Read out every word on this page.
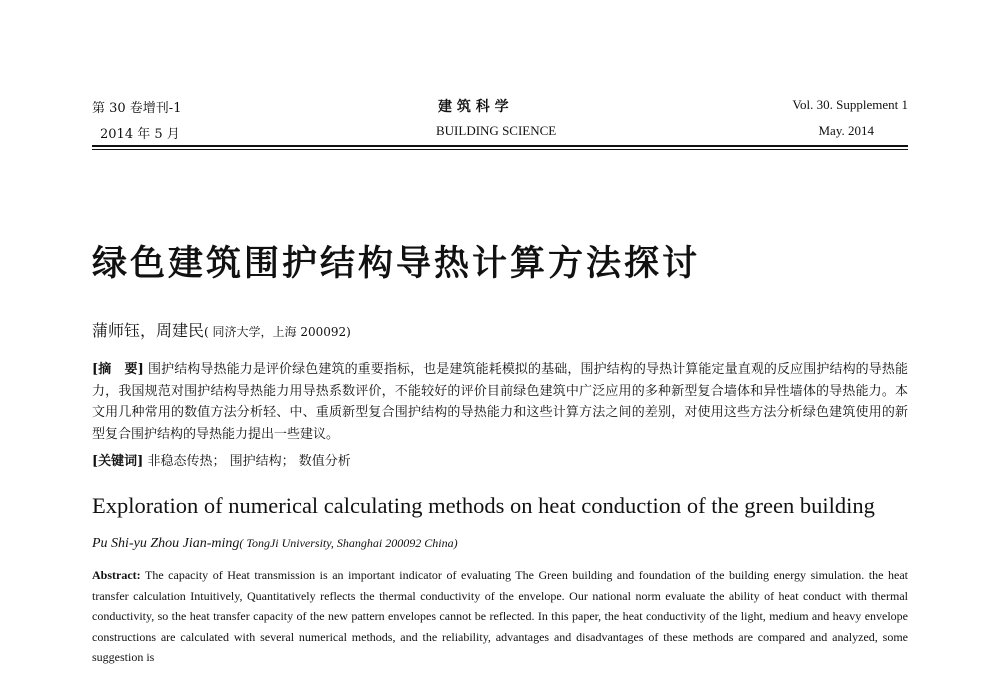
第 30 卷增刊-1
2014 年 5 月
建 筑 科 学
BUILDING SCIENCE
Vol. 30. Supplement 1
May. 2014
绿色建筑围护结构导热计算方法探讨
蒲师钰，周建民( 同济大学，上海 200092)

[摘　要] 围护结构导热能力是评价绿色建筑的重要指标，也是建筑能耗模拟的基础，围护结构的导热计算能定量直观的反应围护结构的导热能力，我国规范对围护结构导热能力用导热系数评价，不能较好的评价目前绿色建筑中广泛应用的多种新型复合墙体和异性墙体的导热能力。本文用几种常用的数值方法分析轻、中、重质新型复合围护结构的导热能力和这些计算方法之间的差别，对使用这些方法分析绿色建筑使用的新型复合围护结构的导热能力提出一些建议。

[关键词] 非稳态传热； 围护结构； 数值分析
Exploration of numerical calculating methods on heat conduction of the green building
Pu Shi-yu Zhou Jian-ming( TongJi University, Shanghai 200092 China)

Abstract: The capacity of Heat transmission is an important indicator of evaluating The Green building and foundation of the building energy simulation. the heat transfer calculation Intuitively, Quantitatively reflects the thermal conductivity of the envelope. Our national norm evaluate the ability of heat conduct with thermal conductivity, so the heat transfer capacity of the new pattern envelopes cannot be reflected. In this paper, the heat conductivity of the light, medium and heavy envelope constructions are calculated with several numerical methods, and the reliability, advantages and disadvantages of these methods are compared and analyzed, some suggestion is
